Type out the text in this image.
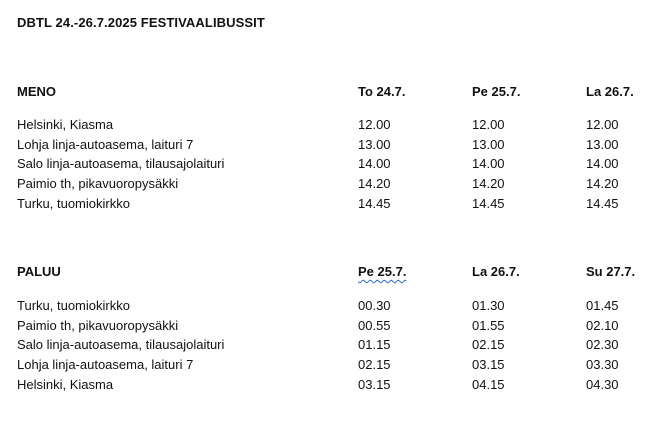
DBTL 24.-26.7.2025 FESTIVAALIBUSSIT
MENO	To 24.7.	Pe 25.7.	La 26.7.
Helsinki, Kiasma	12.00	12.00	12.00
Lohja linja-autoasema, laituri 7	13.00	13.00	13.00
Salo linja-autoasema, tilausajolaituri	14.00	14.00	14.00
Paimio th, pikavuoropysäkki	14.20	14.20	14.20
Turku, tuomiokirkko	14.45	14.45	14.45
PALUU	Pe 25.7.	La 26.7.	Su 27.7.
Turku, tuomiokirkko	00.30	01.30	01.45
Paimio th, pikavuoropysäkki	00.55	01.55	02.10
Salo linja-autoasema, tilausajolaituri	01.15	02.15	02.30
Lohja linja-autoasema, laituri 7	02.15	03.15	03.30
Helsinki, Kiasma	03.15	04.15	04.30
